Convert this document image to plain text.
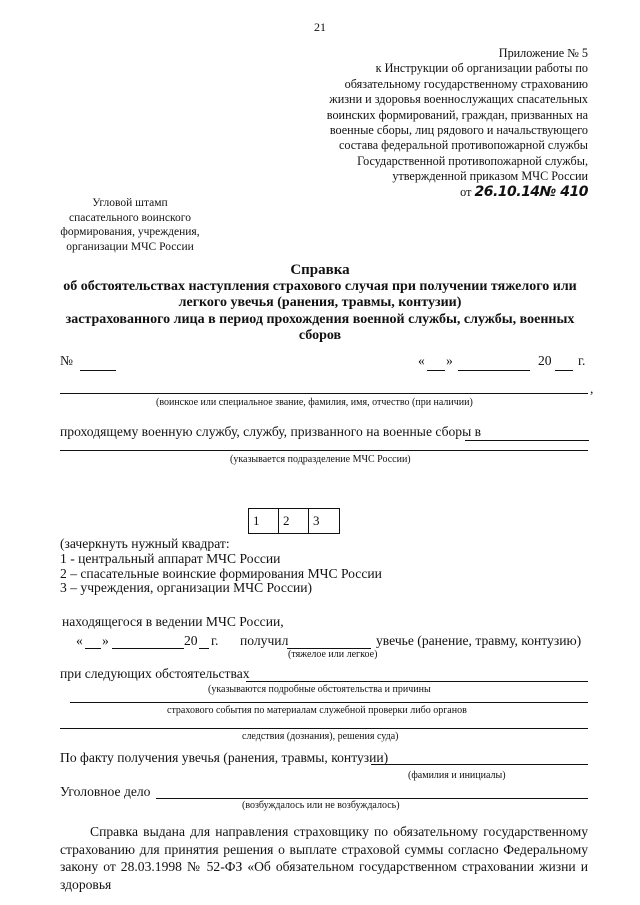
21
Приложение № 5
к Инструкции об организации работы по
обязательному государственному страхованию
жизни и здоровья военнослужащих спасательных
воинских формирований, граждан, призванных на
военные сборы, лиц рядового и начальствующего
состава федеральной противопожарной службы
Государственной противопожарной службы,
утвержденной приказом МЧС России
от 26.10.14№ 410
Угловой штамп
спасательного воинского
формирования, учреждения,
организации МЧС России
Справка
об обстоятельствах наступления страхового случая при получении тяжелого или
легкого увечья (ранения, травмы, контузии)
застрахованного лица в период прохождения военной службы, службы, военных
сборов
№	« »	20 г.
,
(воинское или специальное звание, фамилия, имя, отчество (при наличии)
проходящему военную службу, службу, призванного на военные сборы в
(указывается подразделение МЧС России)
1	2	3
(зачеркнуть нужный квадрат:
1 - центральный аппарат МЧС России
2 – спасательные воинские формирования МЧС России
3 – учреждения, организации МЧС России)
находящегося в ведении МЧС России,
« »	20 г. получил	увечье (ранение, травму, контузию)
(тяжелое или легкое)
при следующих обстоятельствах
(указываются подробные обстоятельства и причины
страхового события по материалам служебной проверки либо органов
следствия (дознания), решения суда)
По факту получения увечья (ранения, травмы, контузии)
(фамилия и инициалы)
Уголовное дело
(возбуждалось или не возбуждалось)
Справка выдана для направления страховщику по обязательному государственному страхованию для принятия решения о выплате страховой суммы согласно Федеральному закону от 28.03.1998 № 52-ФЗ «Об обязательном государственном страховании жизни и здоровья
